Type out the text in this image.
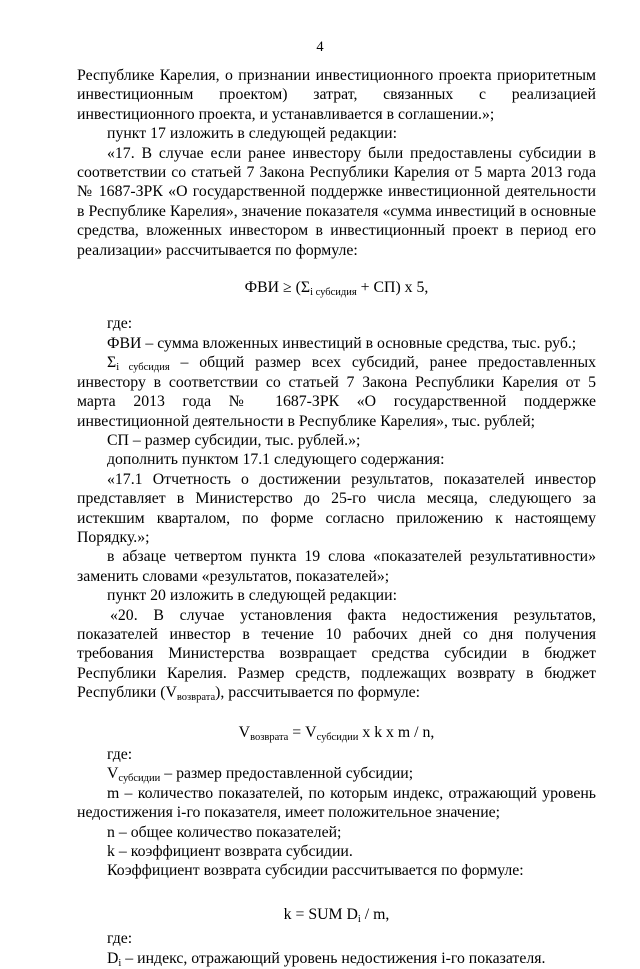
4

Республике Карелия, о признании инвестиционного проекта приоритетным инвестиционным проектом) затрат, связанных с реализацией инвестиционного проекта, и устанавливается в соглашении.»;

пункт 17 изложить в следующей редакции:

«17. В случае если ранее инвестору были предоставлены субсидии в соответствии со статьей 7 Закона Республики Карелия от 5 марта 2013 года № 1687-ЗРК «О государственной поддержке инвестиционной деятельности в Республике Карелия», значение показателя «сумма инвестиций в основные средства, вложенных инвестором в инвестиционный проект в период его реализации» рассчитывается по формуле:

ФВИ ≥ $(\Sigma_{i субсидия} + СП)$ x 5,

где:

ФВИ – сумма вложенных инвестиций в основные средства, тыс. руб.;

$\Sigma_{i субсидия}$ – общий размер всех субсидий, ранее предоставленных инвестору в соответствии со статьей 7 Закона Республики Карелия от 5 марта 2013 года № 1687-ЗРК «О государственной поддержке инвестиционной деятельности в Республике Карелия», тыс. рублей;

СП – размер субсидии, тыс. рублей.»;

дополнить пунктом 17.1 следующего содержания:

«17.1 Отчетность о достижении результатов, показателей инвестор представляет в Министерство до 25-го числа месяца, следующего за истекшим кварталом, по форме согласно приложению к настоящему Порядку.»;

в абзаце четвертом пункта 19 слова «показателей результативности» заменить словами «результатов, показателей»;

пункт 20 изложить в следующей редакции:

«20. В случае установления факта недостижения результатов, показателей инвестор в течение 10 рабочих дней со дня получения требования Министерства возвращает средства субсидии в бюджет Республики Карелия. Размер средств, подлежащих возврату в бюджет Республики $(V_{возврата})$, рассчитывается по формуле:

$V_{возврата} = V_{субсидии}$ x k x m / n,

где:

$V_{субсидии}$ – размер предоставленной субсидии;

m – количество показателей, по которым индекс, отражающий уровень недостижения i-го показателя, имеет положительное значение;

n – общее количество показателей;

k – коэффициент возврата субсидии.

Коэффициент возврата субсидии рассчитывается по формуле:

k = SUM $D_i$ / m,

где:

$D_i$ – индекс, отражающий уровень недостижения i-го показателя.
